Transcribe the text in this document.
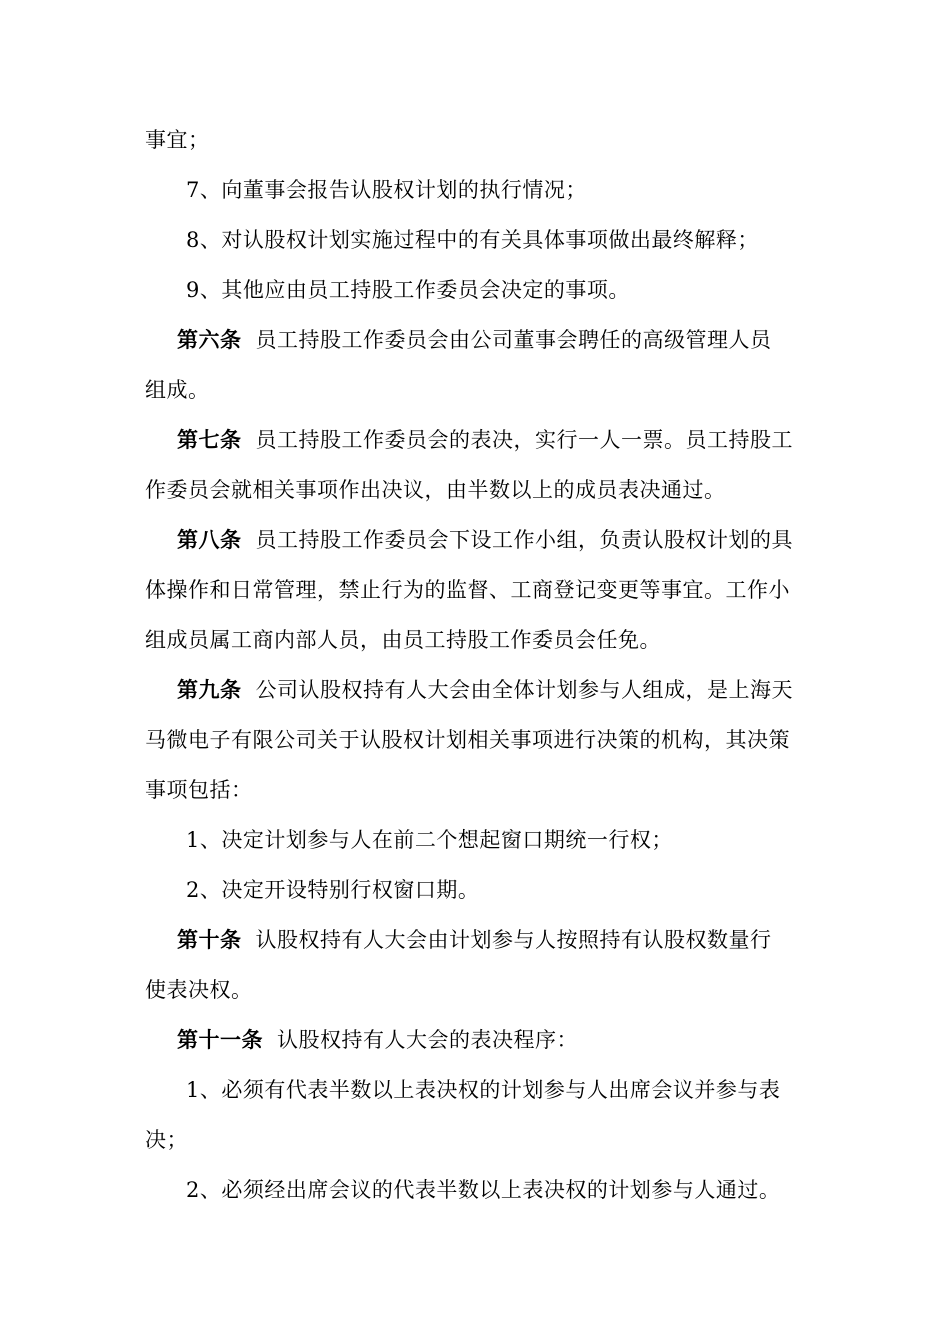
事宜；
7、向董事会报告认股权计划的执行情况；
8、对认股权计划实施过程中的有关具体事项做出最终解释；
9、其他应由员工持股工作委员会决定的事项。
第六条 员工持股工作委员会由公司董事会聘任的高级管理人员
组成。
第七条 员工持股工作委员会的表决，实行一人一票。员工持股工
作委员会就相关事项作出决议，由半数以上的成员表决通过。
第八条 员工持股工作委员会下设工作小组，负责认股权计划的具
体操作和日常管理，禁止行为的监督、工商登记变更等事宜。工作小
组成员属工商内部人员，由员工持股工作委员会任免。
第九条 公司认股权持有人大会由全体计划参与人组成，是上海天
马微电子有限公司关于认股权计划相关事项进行决策的机构，其决策
事项包括：
1、决定计划参与人在前二个想起窗口期统一行权；
2、决定开设特别行权窗口期。
第十条 认股权持有人大会由计划参与人按照持有认股权数量行
使表决权。
第十一条 认股权持有人大会的表决程序：
1、必须有代表半数以上表决权的计划参与人出席会议并参与表
决；
2、必须经出席会议的代表半数以上表决权的计划参与人通过。
